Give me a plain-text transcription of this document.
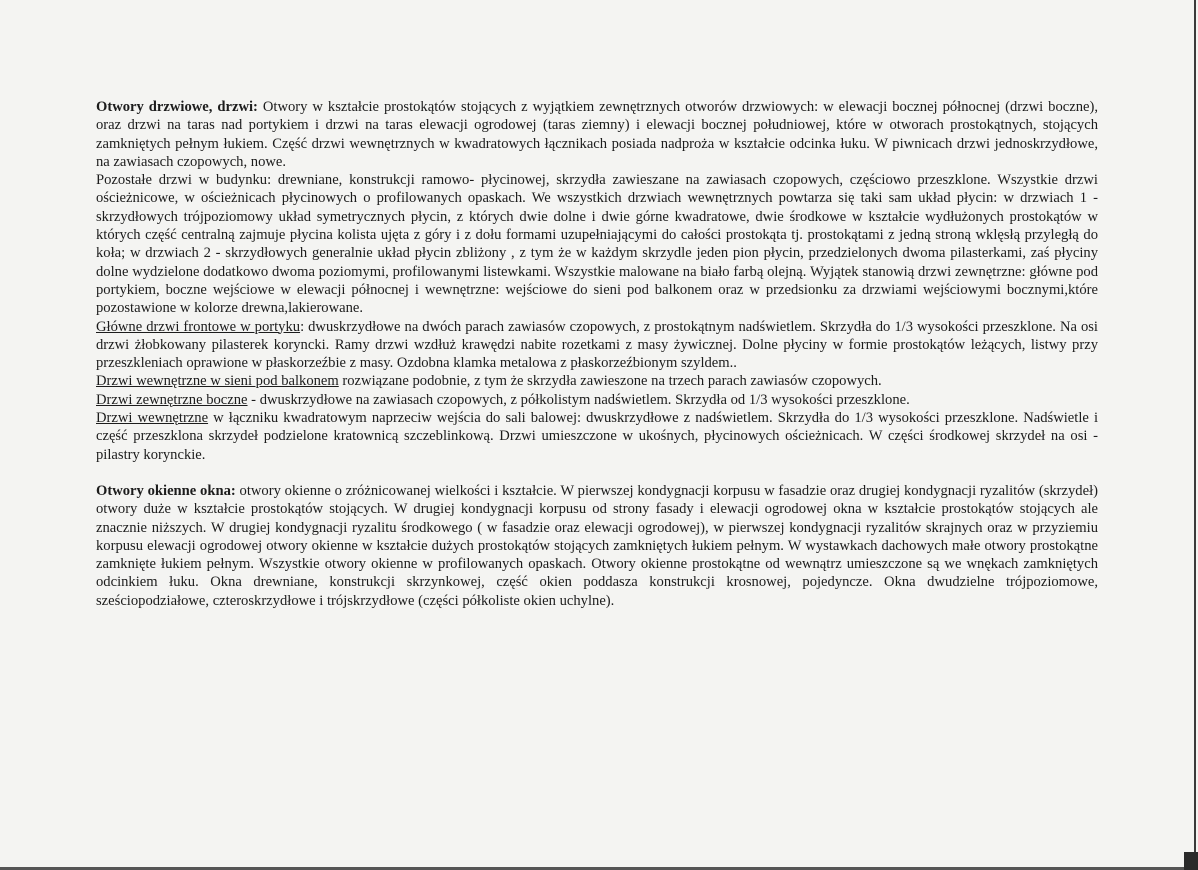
Otwory drzwiowe, drzwi: Otwory w kształcie prostokątów stojących z wyjątkiem zewnętrznych otworów drzwiowych: w elewacji bocznej północnej (drzwi boczne), oraz drzwi na taras nad portykiem i drzwi na taras elewacji ogrodowej (taras ziemny) i elewacji bocznej południowej, które w otworach prostokątnych, stojących zamkniętych pełnym łukiem. Część drzwi wewnętrznych w kwadratowych łącznikach posiada nadproża w kształcie odcinka łuku. W piwnicach drzwi jednoskrzydłowe, na zawiasach czopowych, nowe.

Pozostałe drzwi w budynku: drewniane, konstrukcji ramowo- płycinowej, skrzydła zawieszane na zawiasach czopowych, częściowo przeszklone. Wszystkie drzwi ościeżnicowe, w ościeżnicach płycinowych o profilowanych opaskach. We wszystkich drzwiach wewnętrznych powtarza się taki sam układ płycin: w drzwiach 1 - skrzydłowych trójpoziomowy układ symetrycznych płycin, z których dwie dolne i dwie górne kwadratowe, dwie środkowe w kształcie wydłużonych prostokątów w których część centralną zajmuje płycina kolista ujęta z góry i z dołu formami uzupełniającymi do całości prostokąta tj. prostokątami z jedną stroną wklęsłą przyległą do koła; w drzwiach 2 - skrzydłowych generalnie układ płycin zbliżony , z tym że w każdym skrzydle jeden pion płycin, przedzielonych dwoma pilasterkami, zaś płyciny dolne wydzielone dodatkowo dwoma poziomymi, profilowanymi listewkami. Wszystkie malowane na biało farbą olejną. Wyjątek stanowią drzwi zewnętrzne: główne pod portykiem, boczne wejściowe w elewacji północnej i wewnętrzne: wejściowe do sieni pod balkonem oraz w przedsionku za drzwiami wejściowymi bocznymi,które pozostawione w kolorze drewna,lakierowane.

Główne drzwi frontowe w portyku: dwuskrzydłowe na dwóch parach zawiasów czopowych, z prostokątnym nadświetlem. Skrzydła do 1/3 wysokości przeszklone. Na osi drzwi żłobkowany pilasterek koryncki. Ramy drzwi wzdłuż krawędzi nabite rozetkami z masy żywicznej. Dolne płyciny w formie prostokątów leżących, listwy przy przeszkleniach oprawione w płaskorzeźbie z masy. Ozdobna klamka metalowa z płaskorzeźbionym szyldem..

Drzwi wewnętrzne w sieni pod balkonem rozwiązane podobnie, z tym że skrzydła zawieszone na trzech parach zawiasów czopowych.

Drzwi zewnętrzne boczne - dwuskrzydłowe na zawiasach czopowych, z półkolistym nadświetlem. Skrzydła od 1/3 wysokości przeszklone.

Drzwi wewnętrzne w łączniku kwadratowym naprzeciw wejścia do sali balowej: dwuskrzydłowe z nadświetlem. Skrzydła do 1/3 wysokości przeszklone. Nadświetle i część przeszklona skrzydeł podzielone kratownicą szczeblinkową. Drzwi umieszczone w ukośnych, płycinowych ościeżnicach. W części środkowej skrzydeł na osi - pilastry korynckie.

Otwory okienne okna: otwory okienne o zróżnicowanej wielkości i kształcie. W pierwszej kondygnacji korpusu w fasadzie oraz drugiej kondygnacji ryzalitów (skrzydeł) otwory duże w kształcie prostokątów stojących. W drugiej kondygnacji korpusu od strony fasady i elewacji ogrodowej okna w kształcie prostokątów stojących ale znacznie niższych. W drugiej kondygnacji ryzalitu środkowego ( w fasadzie oraz elewacji ogrodowej), w pierwszej kondygnacji ryzalitów skrajnych oraz w przyziemiu korpusu elewacji ogrodowej otwory okienne w kształcie dużych prostokątów stojących zamkniętych łukiem pełnym. W wystawkach dachowych małe otwory prostokątne zamknięte łukiem pełnym. Wszystkie otwory okienne w profilowanych opaskach. Otwory okienne prostokątne od wewnątrz umieszczone są we wnękach zamkniętych odcinkiem łuku. Okna drewniane, konstrukcji skrzynkowej, część okien poddasza konstrukcji krosnowej, pojedyncze. Okna dwudzielne trójpoziomowe, sześciopodziałowe, czteroskrzydłowe i trójskrzydłowe (części półkoliste okien uchylne).
